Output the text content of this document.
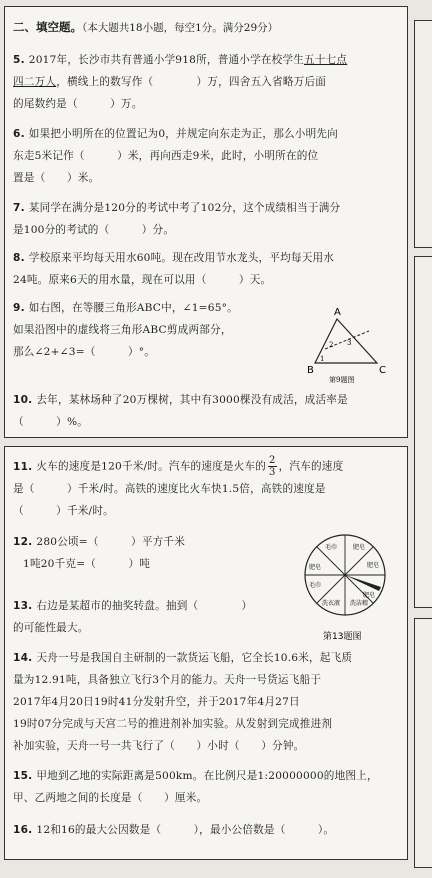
二、填空题。（本大题共18小题，每空1分。满分29分）
5. 2017年，长沙市共有普通小学918所，普通小学在校学生五十七点
四二万人，横线上的数写作（　　　　）万，四舍五入省略万后面
的尾数约是（　　　）万。
6. 如果把小明所在的位置记为0，并规定向东走为正，那么小明先向
东走5米记作（　　　）米，再向西走9米，此时，小明所在的位
置是（　　）米。
7. 某同学在满分是120分的考试中考了102分，这个成绩相当于满分
是100分的考试的（　　　）分。
8. 学校原来平均每天用水60吨。现在改用节水龙头，平均每天用水
24吨。原来6天的用水量，现在可以用（　　　）天。
9. 如右图，在等腰三角形ABC中，∠1=65°。
如果沿图中的虚线将三角形ABC剪成两部分，
那么∠2+∠3=（　　　）°。
A
B	C
1
2 3
第9题图
10. 去年，某林场种了20万棵树，其中有3000棵没有成活，成活率是
（　　　）%。
11. 火车的速度是120千米/时。汽车的速度是火车的 $\frac{2}{3}$ ，汽车的速度
是（　　　）千米/时。高铁的速度比火车快1.5倍，高铁的速度是
（　　　）千米/时。
12. 280公顷=（　　　）平方千米
1吨20千克=（　　　）吨
13. 右边是某超市的抽奖转盘。抽到（　　　　）
的可能性最大。
毛巾	肥皂
肥皂	肥皂
毛巾
洗衣液 洗洁精
肥皂
第13题图
14. 天舟一号是我国自主研制的一款货运飞船，它全长10.6米，起飞质
量为12.91吨，具备独立飞行3个月的能力。天舟一号货运飞船于
2017年4月20日19时41分发射升空，并于2017年4月27日
19时07分完成与天宫二号的推进剂补加实验。从发射到完成推进剂
补加实验，天舟一号一共飞行了（　　）小时（　　）分钟。
15. 甲地到乙地的实际距离是500km。在比例尺是1:20000000的地图上，
甲、乙两地之间的长度是（　　）厘米。
16. 12和16的最大公因数是（　　　），最小公倍数是（　　　）。
